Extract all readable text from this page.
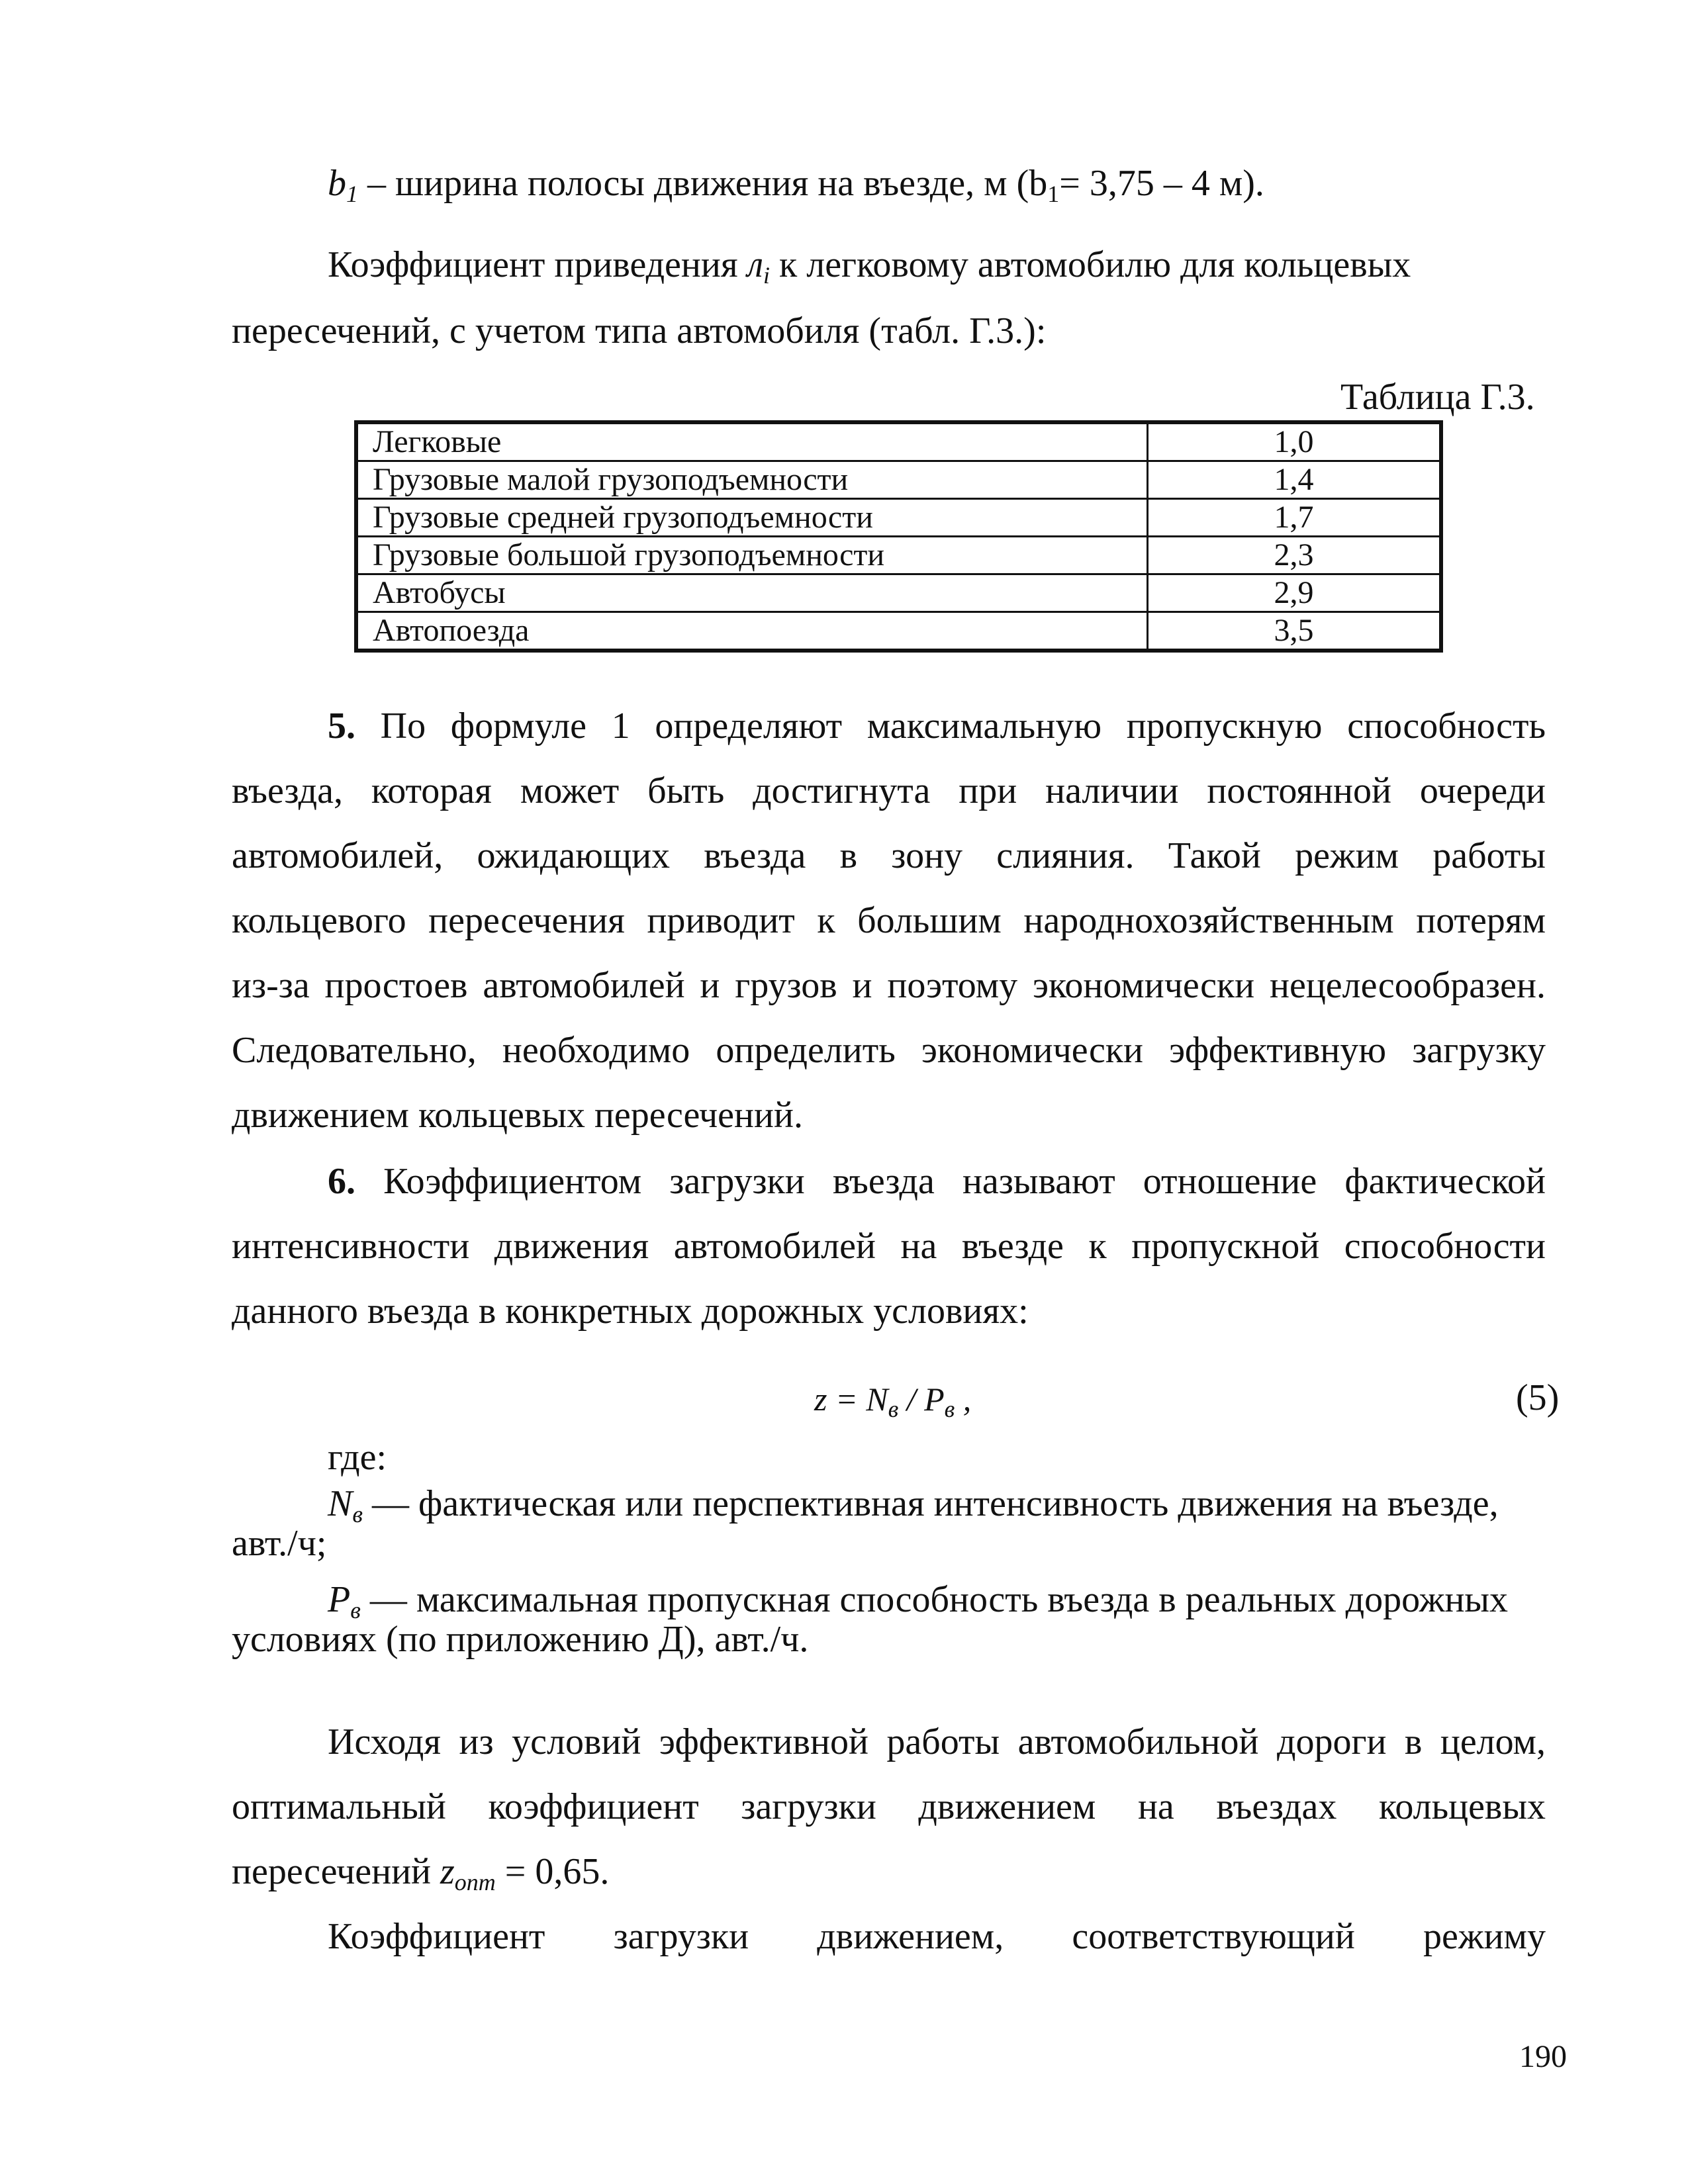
$b_1$ – ширина полосы движения на въезде, м ($b_1= 3,75 - 4$ м).
Коэффициент приведения $л_i$ к легковому автомобилю для кольцевых
пересечений, с учетом типа автомобиля (табл. Г.3.):
Таблица Г.3.
Легковые	1,0
Грузовые малой грузоподъемности	1,4
Грузовые средней грузоподъемности	1,7
Грузовые большой грузоподъемности	2,3
Автобусы	2,9
Автопоезда	3,5
5. По формуле 1 определяют максимальную пропускную способность
въезда, которая может быть достигнута при наличии постоянной очереди
автомобилей, ожидающих въезда в зону слияния. Такой режим работы
кольцевого пересечения приводит к большим народнохозяйственным потерям
из-за простоев автомобилей и грузов и поэтому экономически нецелесообразен.
Следовательно, необходимо определить экономически эффективную загрузку
движением кольцевых пересечений.
6. Коэффициентом загрузки въезда называют отношение фактической
интенсивности движения автомобилей на въезде к пропускной способности
данного въезда в конкретных дорожных условиях:
$z = N_в / P_в$ ,	(5)
где:
$N_в$ — фактическая или перспективная интенсивность движения на въезде,
авт./ч;
$P_в$ — максимальная пропускная способность въезда в реальных дорожных
условиях (по приложению Д), авт./ч.
Исходя из условий эффективной работы автомобильной дороги в целом,
оптимальный коэффициент загрузки движением на въездах кольцевых
пересечений $z_{опт} = 0,65$.
Коэффициент загрузки движением, соответствующий режиму
190
